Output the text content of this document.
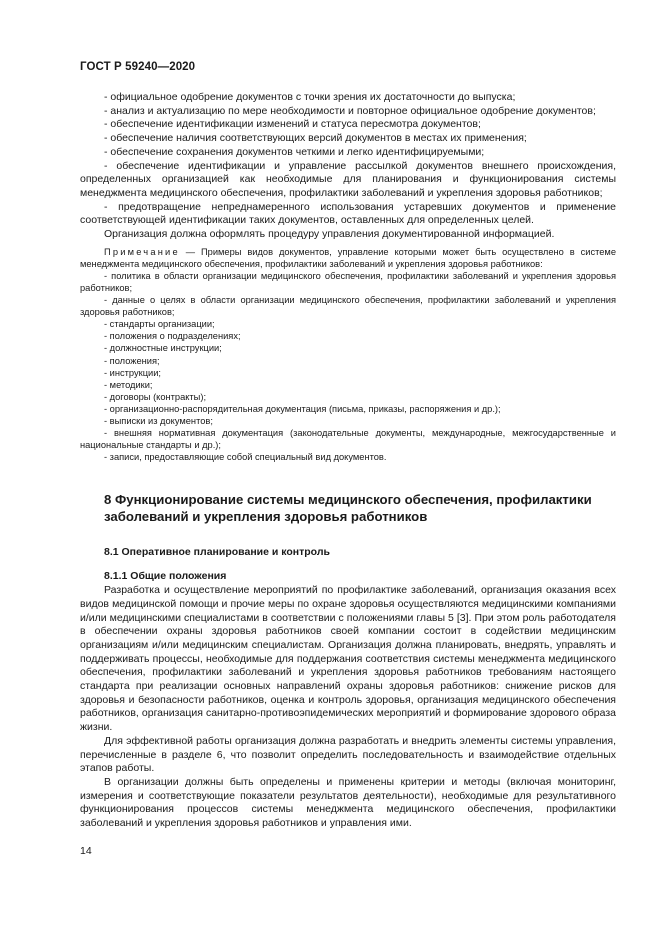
ГОСТ Р 59240—2020

- официальное одобрение документов с точки зрения их достаточности до выпуска;

- анализ и актуализацию по мере необходимости и повторное официальное одобрение документов;

- обеспечение идентификации изменений и статуса пересмотра документов;

- обеспечение наличия соответствующих версий документов в местах их применения;

- обеспечение сохранения документов четкими и легко идентифицируемыми;

- обеспечение идентификации и управление рассылкой документов внешнего происхождения, определенных организацией как необходимые для планирования и функционирования системы менеджмента медицинского обеспечения, профилактики заболеваний и укрепления здоровья работников;

- предотвращение непреднамеренного использования устаревших документов и применение соответствующей идентификации таких документов, оставленных для определенных целей.

Организация должна оформлять процедуру управления документированной информацией.

Примечание — Примеры видов документов, управление которыми может быть осуществлено в системе менеджмента медицинского обеспечения, профилактики заболеваний и укрепления здоровья работников:

- политика в области организации медицинского обеспечения, профилактики заболеваний и укрепления здоровья работников;

- данные о целях в области организации медицинского обеспечения, профилактики заболеваний и укрепления здоровья работников;

- стандарты организации;

- положения о подразделениях;

- должностные инструкции;

- положения;

- инструкции;

- методики;

- договоры (контракты);

- организационно-распорядительная документация (письма, приказы, распоряжения и др.);

- выписки из документов;

- внешняя нормативная документация (законодательные документы, международные, межгосударственные и национальные стандарты и др.);

- записи, предоставляющие собой специальный вид документов.

8 Функционирование системы медицинского обеспечения, профилактики заболеваний и укрепления здоровья работников
8.1 Оперативное планирование и контроль
8.1.1 Общие положения

Разработка и осуществление мероприятий по профилактике заболеваний, организация оказания всех видов медицинской помощи и прочие меры по охране здоровья осуществляются медицинскими компаниями и/или медицинскими специалистами в соответствии с положениями главы 5 [3]. При этом роль работодателя в обеспечении охраны здоровья работников своей компании состоит в содействии медицинским организациям и/или медицинским специалистам. Организация должна планировать, внедрять, управлять и поддерживать процессы, необходимые для поддержания соответствия системы менеджмента медицинского обеспечения, профилактики заболеваний и укрепления здоровья работников требованиям настоящего стандарта при реализации основных направлений охраны здоровья работников: снижение рисков для здоровья и безопасности работников, оценка и контроль здоровья, организация медицинского обеспечения работников, организация санитарно-противоэпидемических мероприятий и формирование здорового образа жизни.

Для эффективной работы организация должна разработать и внедрить элементы системы управления, перечисленные в разделе 6, что позволит определить последовательность и взаимодействие отдельных этапов работы.

В организации должны быть определены и применены критерии и методы (включая мониторинг, измерения и соответствующие показатели результатов деятельности), необходимые для результативного функционирования процессов системы менеджмента медицинского обеспечения, профилактики заболеваний и укрепления здоровья работников и управления ими.

14
